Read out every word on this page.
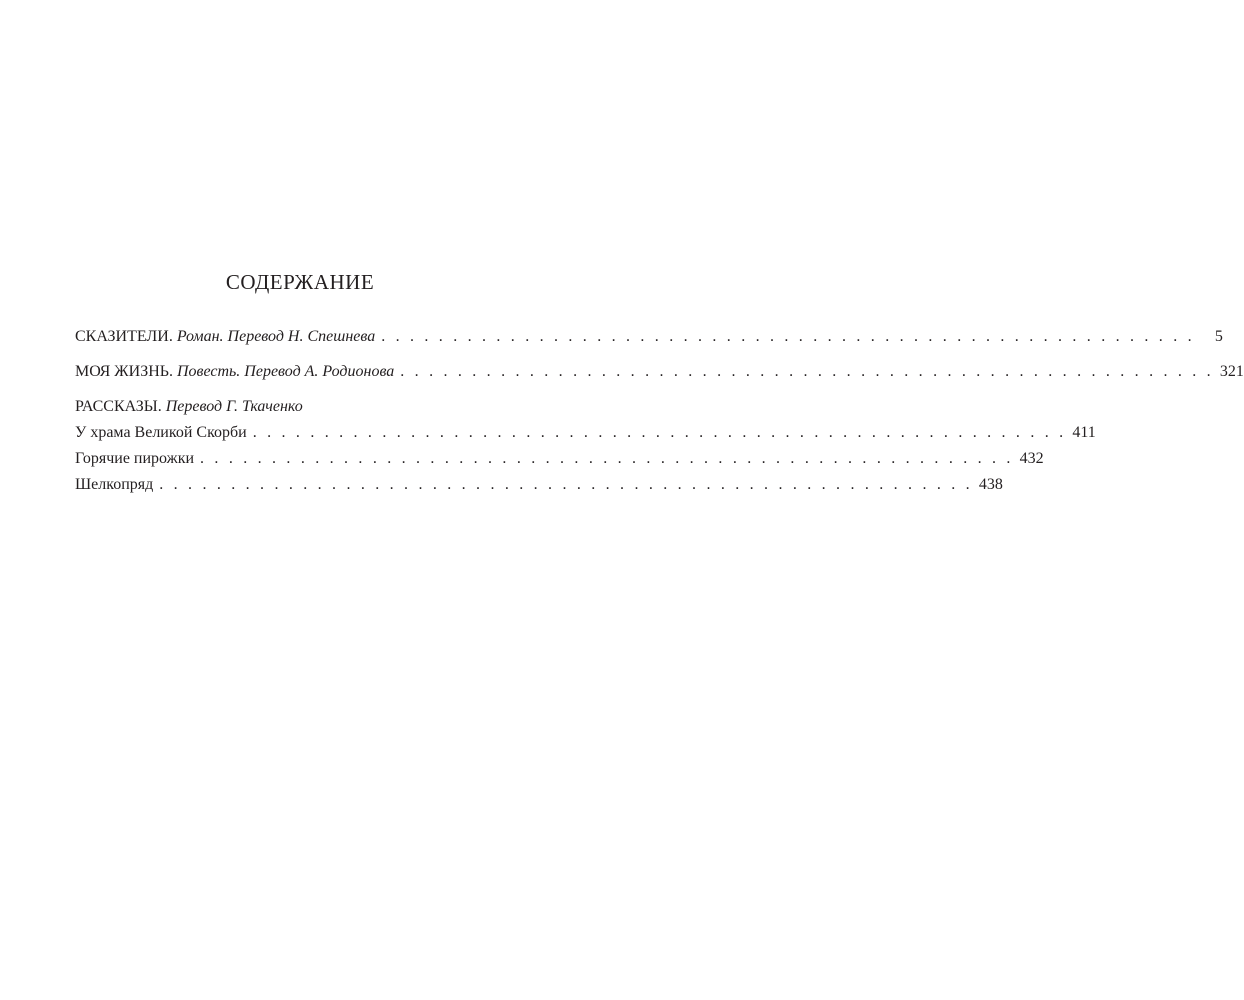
СОДЕРЖАНИЕ
СКАЗИТЕЛИ. Роман. Перевод Н. Спешнева . . . . . . . . . . . . . . . . . . . . . . . . . . . . . . . . . . . . . . . . . . . . . . . . . . . . . . . . .	5
МОЯ ЖИЗНЬ. Повесть. Перевод А. Родионова . . . . . . . . . . . . . . . . . . . . . . . . . . . . . . . . . . . . . . . . . . . . . . . . . . . . . . . . . 321
РАССКАЗЫ. Перевод Г. Ткаченко
У храма Великой Скорби . . . . . . . . . . . . . . . . . . . . . . . . . . . . . . . . . . . . . . . . . . . . . . . . . . . . . . . . . 411
Горячие пирожки . . . . . . . . . . . . . . . . . . . . . . . . . . . . . . . . . . . . . . . . . . . . . . . . . . . . . . . . . 432
Шелкопряд . . . . . . . . . . . . . . . . . . . . . . . . . . . . . . . . . . . . . . . . . . . . . . . . . . . . . . . . . 438
